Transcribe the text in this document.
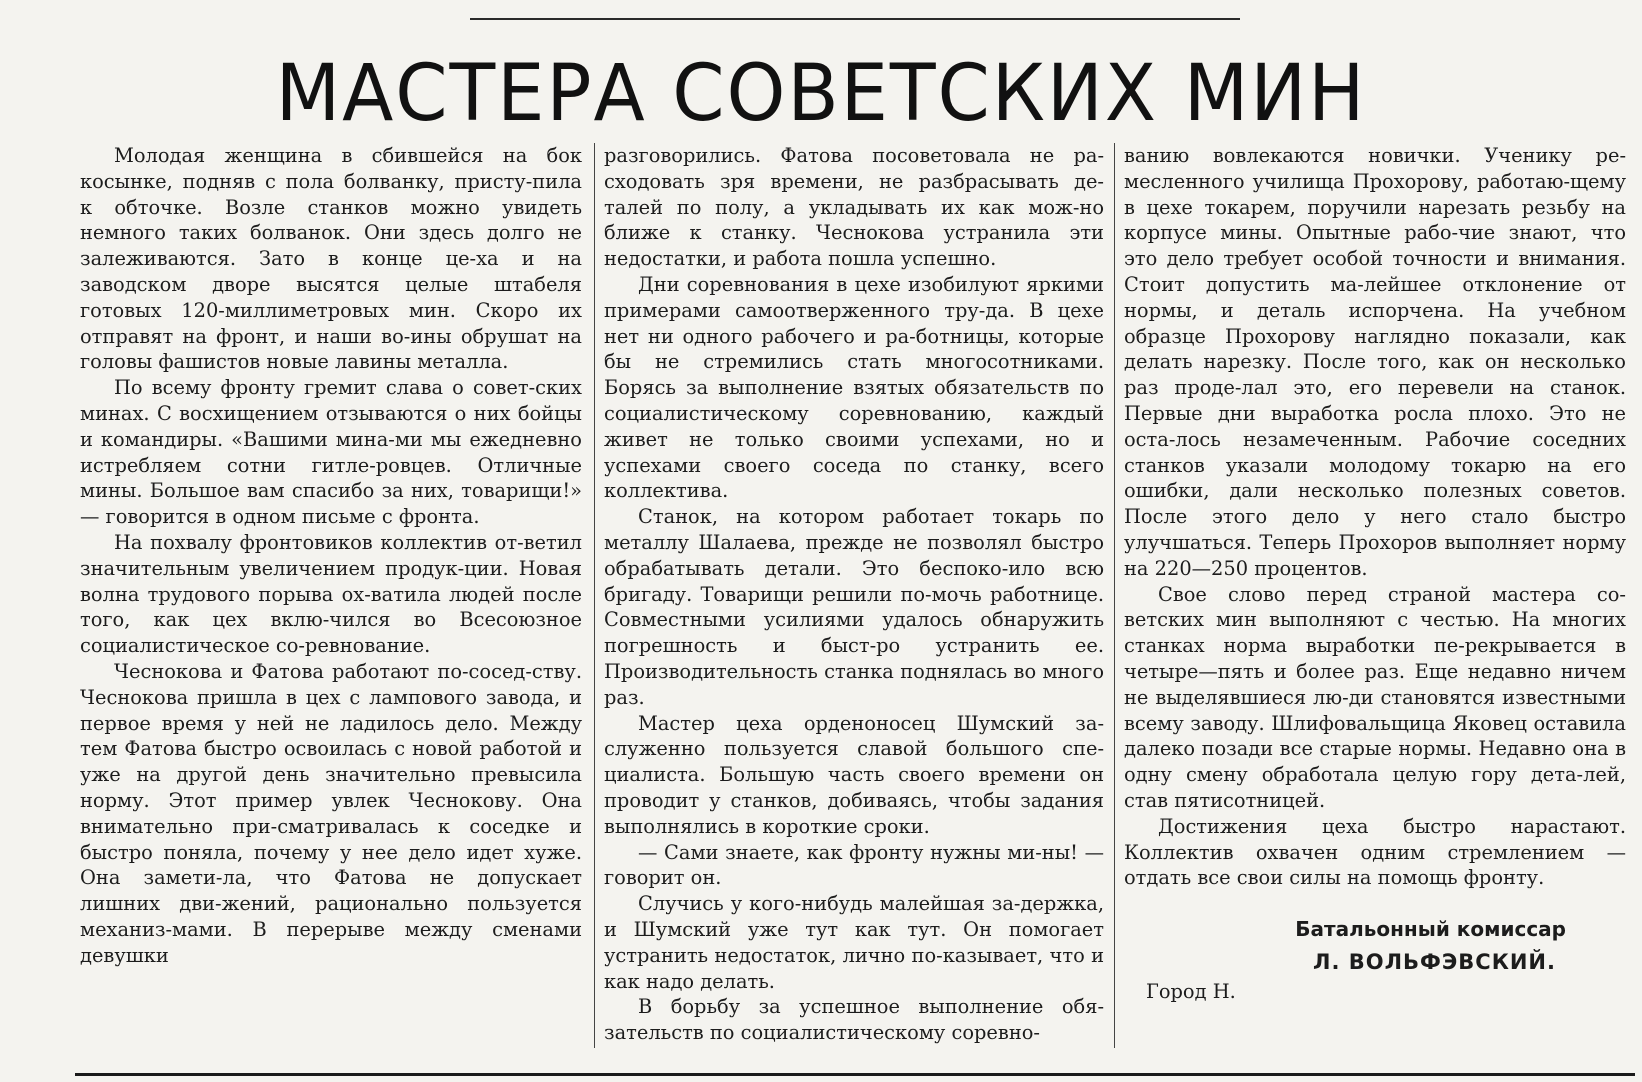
МАСТЕРА СОВЕТСКИХ МИН

Молодая женщина в сбившейся на бок косынке, подняв с пола болванку, присту-пила к обточке. Возле станков можно увидеть немного таких болванок. Они здесь долго не залеживаются. Зато в конце це-ха и на заводском дворе высятся целые штабеля готовых 120-миллиметровых мин. Скоро их отправят на фронт, и наши во-ины обрушат на головы фашистов новые лавины металла.

По всему фронту гремит слава о совет-ских минах. С восхищением отзываются о них бойцы и командиры. «Вашими мина-ми мы ежедневно истребляем сотни гитле-ровцев. Отличные мины. Большое вам спасибо за них, товарищи!» — говорится в одном письме с фронта.

На похвалу фронтовиков коллектив от-ветил значительным увеличением продук-ции. Новая волна трудового порыва ох-ватила людей после того, как цех вклю-чился во Всесоюзное социалистическое со-ревнование.

Чеснокова и Фатова работают по-сосед-ству. Чеснокова пришла в цех с лампового завода, и первое время у ней не ладилось дело. Между тем Фатова быстро освоилась с новой работой и уже на другой день значительно превысила норму. Этот пример увлек Чеснокову. Она внимательно при-сматривалась к соседке и быстро поняла, почему у нее дело идет хуже. Она замети-ла, что Фатова не допускает лишних дви-жений, рационально пользуется механиз-мами. В перерыве между сменами девушки

разговорились. Фатова посоветовала не ра-сходовать зря времени, не разбрасывать де-талей по полу, а укладывать их как мож-но ближе к станку. Чеснокова устранила эти недостатки, и работа пошла успешно.

Дни соревнования в цехе изобилуют яркими примерами самоотверженного тру-да. В цехе нет ни одного рабочего и ра-ботницы, которые бы не стремились стать многосотниками. Борясь за выполнение взятых обязательств по социалистическому соревнованию, каждый живет не только своими успехами, но и успехами своего соседа по станку, всего коллектива.

Станок, на котором работает токарь по металлу Шалаева, прежде не позволял быстро обрабатывать детали. Это беспоко-ило всю бригаду. Товарищи решили по-мочь работнице. Совместными усилиями удалось обнаружить погрешность и быст-ро устранить ее. Производительность станка поднялась во много раз.

Мастер цеха орденоносец Шумский за-служенно пользуется славой большого спе-циалиста. Большую часть своего времени он проводит у станков, добиваясь, чтобы задания выполнялись в короткие сроки.

— Сами знаете, как фронту нужны ми-ны! — говорит он.

Случись у кого-нибудь малейшая за-держка, и Шумский уже тут как тут. Он помогает устранить недостаток, лично по-казывает, что и как надо делать.

В борьбу за успешное выполнение обя-зательств по социалистическому соревно-

ванию вовлекаются новички. Ученику ре-месленного училища Прохорову, работаю-щему в цехе токарем, поручили нарезать резьбу на корпусе мины. Опытные рабо-чие знают, что это дело требует особой точности и внимания. Стоит допустить ма-лейшее отклонение от нормы, и деталь испорчена. На учебном образце Прохорову наглядно показали, как делать нарезку. После того, как он несколько раз проде-лал это, его перевели на станок. Первые дни выработка росла плохо. Это не оста-лось незамеченным. Рабочие соседних станков указали молодому токарю на его ошибки, дали несколько полезных советов. После этого дело у него стало быстро улучшаться. Теперь Прохоров выполняет норму на 220—250 процентов.

Свое слово перед страной мастера со-ветских мин выполняют с честью. На многих станках норма выработки пе-рекрывается в четыре—пять и более раз. Еще недавно ничем не выделявшиеся лю-ди становятся известными всему заводу. Шлифовальщица Яковец оставила далеко позади все старые нормы. Недавно она в одну смену обработала целую гору дета-лей, став пятисотницей.

Достижения цеха быстро нарастают. Коллектив охвачен одним стремлением — отдать все свои силы на помощь фронту.

Батальонный комиссар
Л. ВОЛЬФЭВСКИЙ.

Город Н.
